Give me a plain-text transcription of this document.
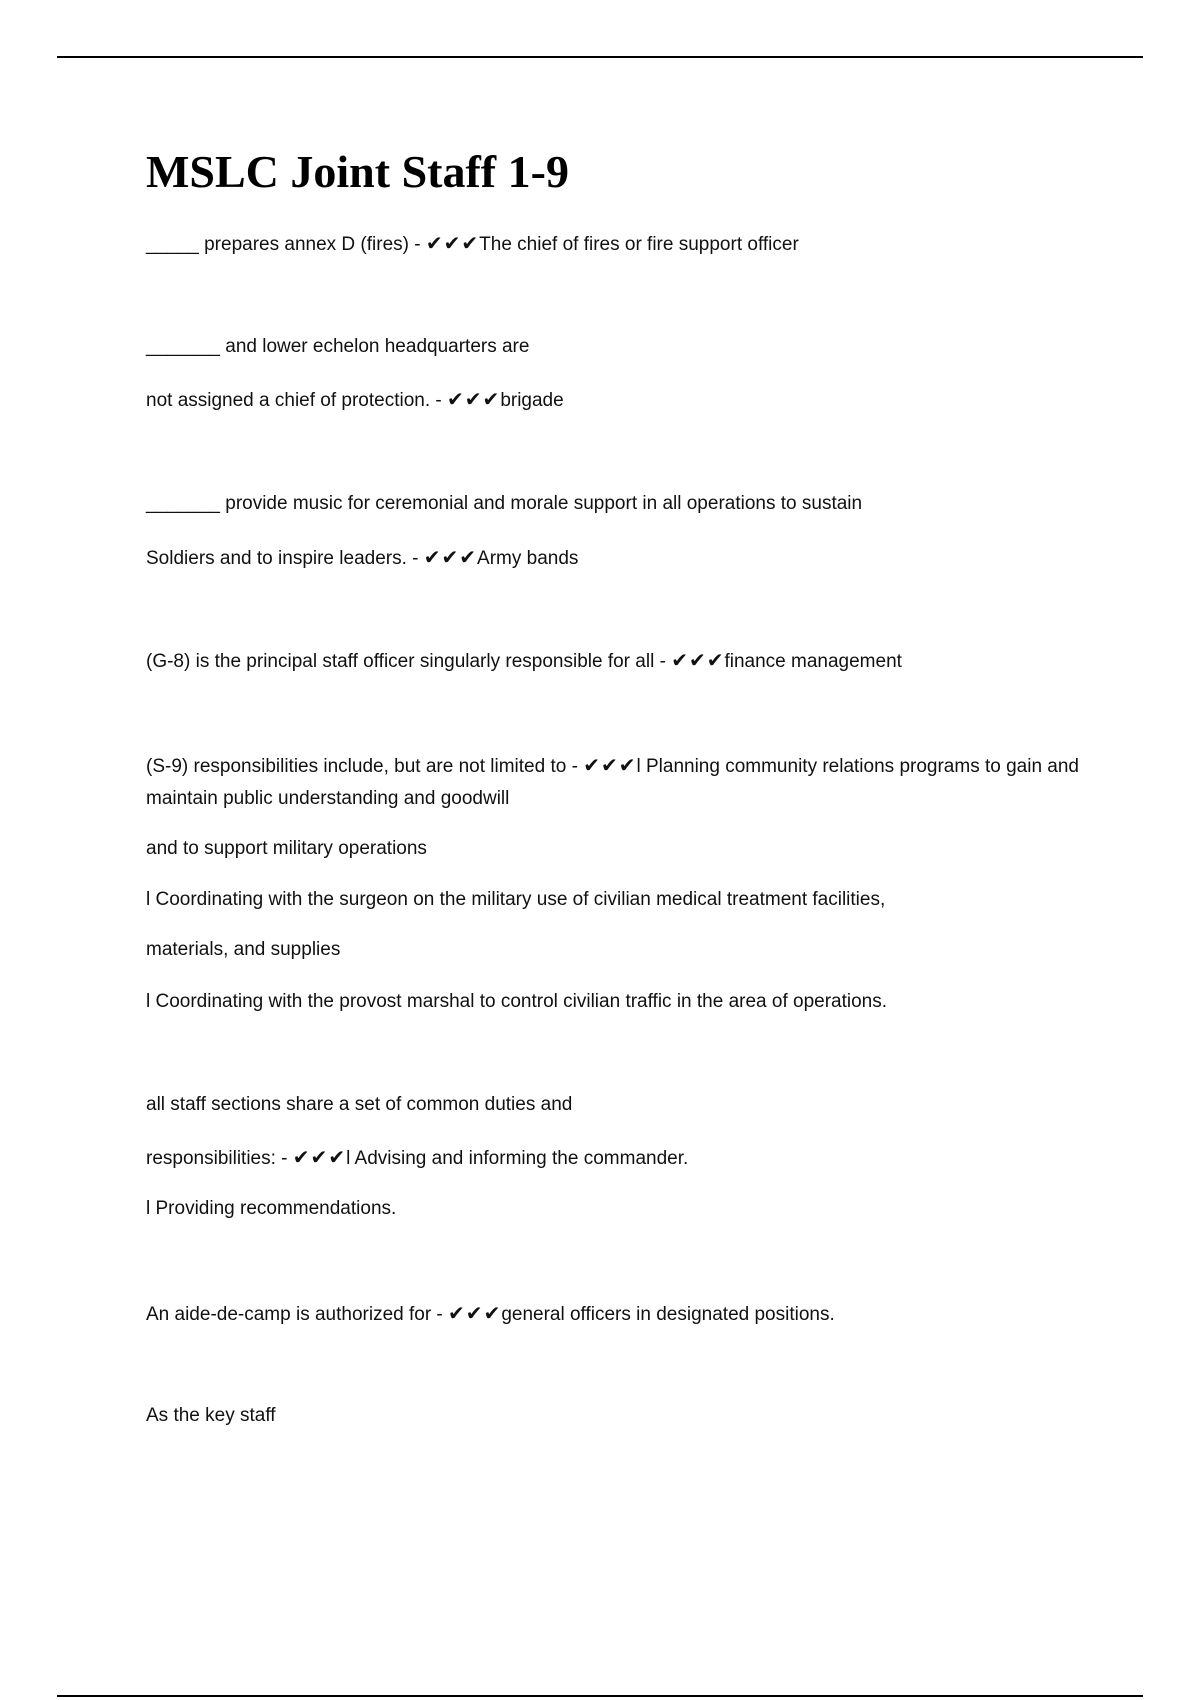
MSLC Joint Staff 1-9

_____ prepares annex D (fires) - ✔✔✔The chief of fires or fire support officer

_______ and lower echelon headquarters are

not assigned a chief of protection. - ✔✔✔brigade

_______ provide music for ceremonial and morale support in all operations to sustain

Soldiers and to inspire leaders. - ✔✔✔Army bands

(G-8) is the principal staff officer singularly responsible for all - ✔✔✔finance management

(S-9) responsibilities include, but are not limited to - ✔✔✔l Planning community relations programs to gain and maintain public understanding and goodwill

and to support military operations

l Coordinating with the surgeon on the military use of civilian medical treatment facilities,

materials, and supplies

l Coordinating with the provost marshal to control civilian traffic in the area of operations.

all staff sections share a set of common duties and

responsibilities: - ✔✔✔l Advising and informing the commander.

l Providing recommendations.

An aide-de-camp is authorized for - ✔✔✔general officers in designated positions.

As the key staff
